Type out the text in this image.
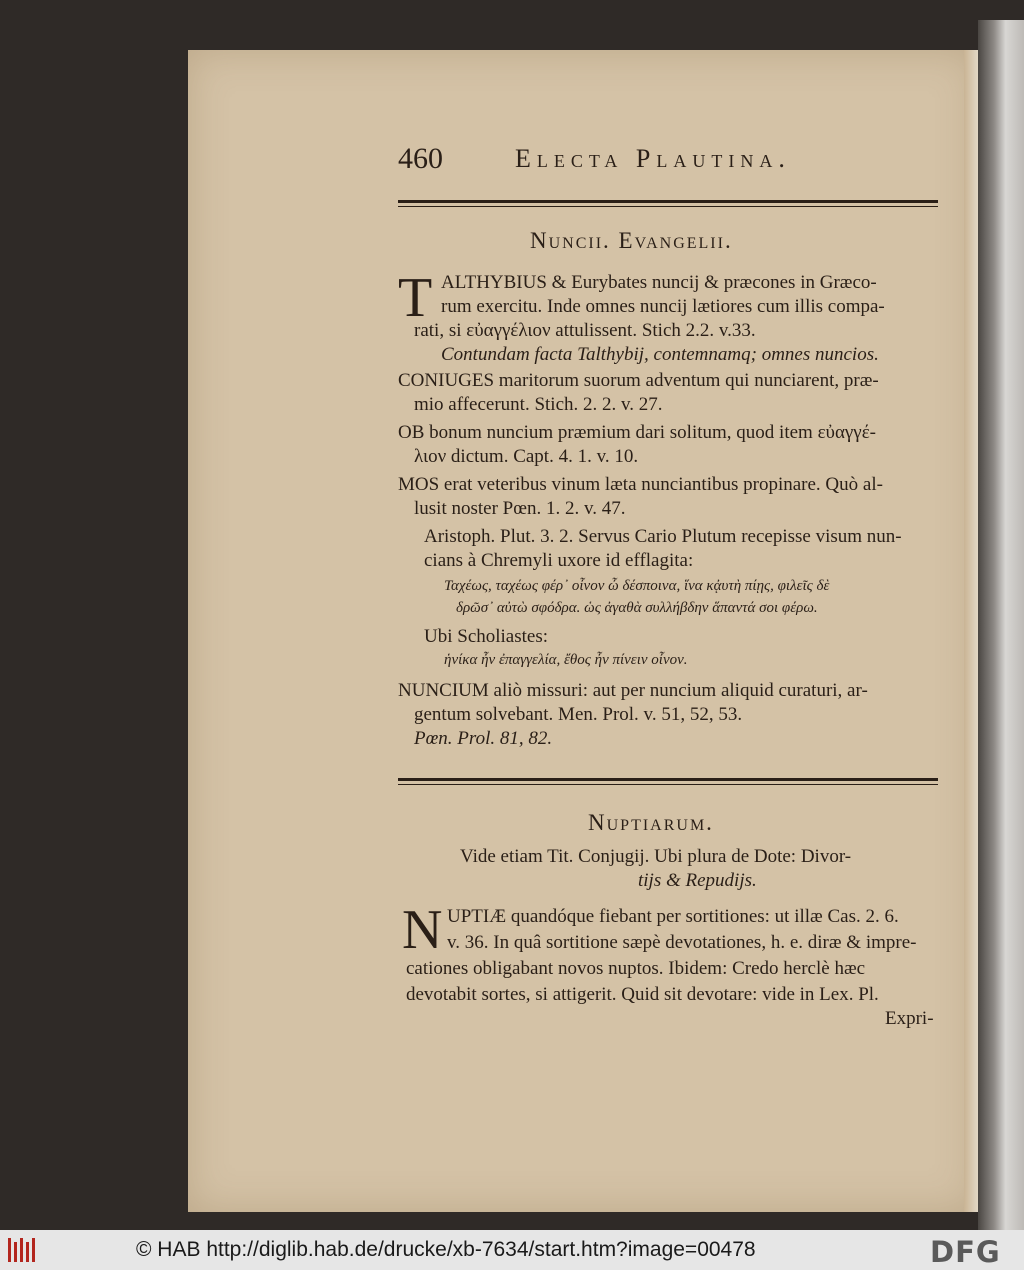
460	Electa Plautina.
Nuncii. Evangelii.
T ALTHYBIUS & Eurybates nuncij & præcones in Græco-
rum exercitu. Inde omnes nuncij lætiores cum illis compa-
rati, si εὐαγγέλιον attulissent. Stich 2.2. v.33.
Contundam facta Talthybij, contemnamq; omnes nuncios.
CONIUGES maritorum suorum adventum qui nunciarent, præ-
mio affecerunt. Stich. 2. 2. v. 27.
OB bonum nuncium præmium dari solitum, quod item εὐαγγέ-
λιον dictum. Capt. 4. 1. v. 10.
MOS erat veteribus vinum læta nunciantibus propinare. Quò al-
lusit noster Pœn. 1. 2. v. 47.
Aristoph. Plut. 3. 2. Servus Cario Plutum recepisse visum nun-
cians à Chremyli uxore id efflagita:
Ταχέως, ταχέως φέρ᾽ οἶνον ὦ δέσποινα, ἵνα κᾀυτὴ πίῃς, φιλεῖς δὲ
δρῶσ᾽ αὐτὼ σφόδρα. ὡς ἀγαθὰ συλλήβδην ἅπαντά σοι φέρω.
Ubi Scholiastes:
ἡνίκα ἦν ἐπαγγελία, ἔθος ἦν πίνειν οἶνον.
NUNCIUM aliò missuri: aut per nuncium aliquid curaturi, ar-
gentum solvebant. Men. Prol. v. 51, 52, 53.
Pœn. Prol. 81, 82.
Nuptiarum.
Vide etiam Tit. Conjugij. Ubi plura de Dote: Divor-
tijs & Repudijs.
N UPTIÆ quandóque fiebant per sortitiones: ut illæ Cas. 2. 6.
v. 36. In quâ sortitione sæpè devotationes, h. e. diræ & impre-
cationes obligabant novos nuptos. Ibidem: Credo herclè hæc
devotabit sortes, si attigerit. Quid sit devotare: vide in Lex. Pl.
Expri-
© HAB http://diglib.hab.de/drucke/xb-7634/start.htm?image=00478	DFG
